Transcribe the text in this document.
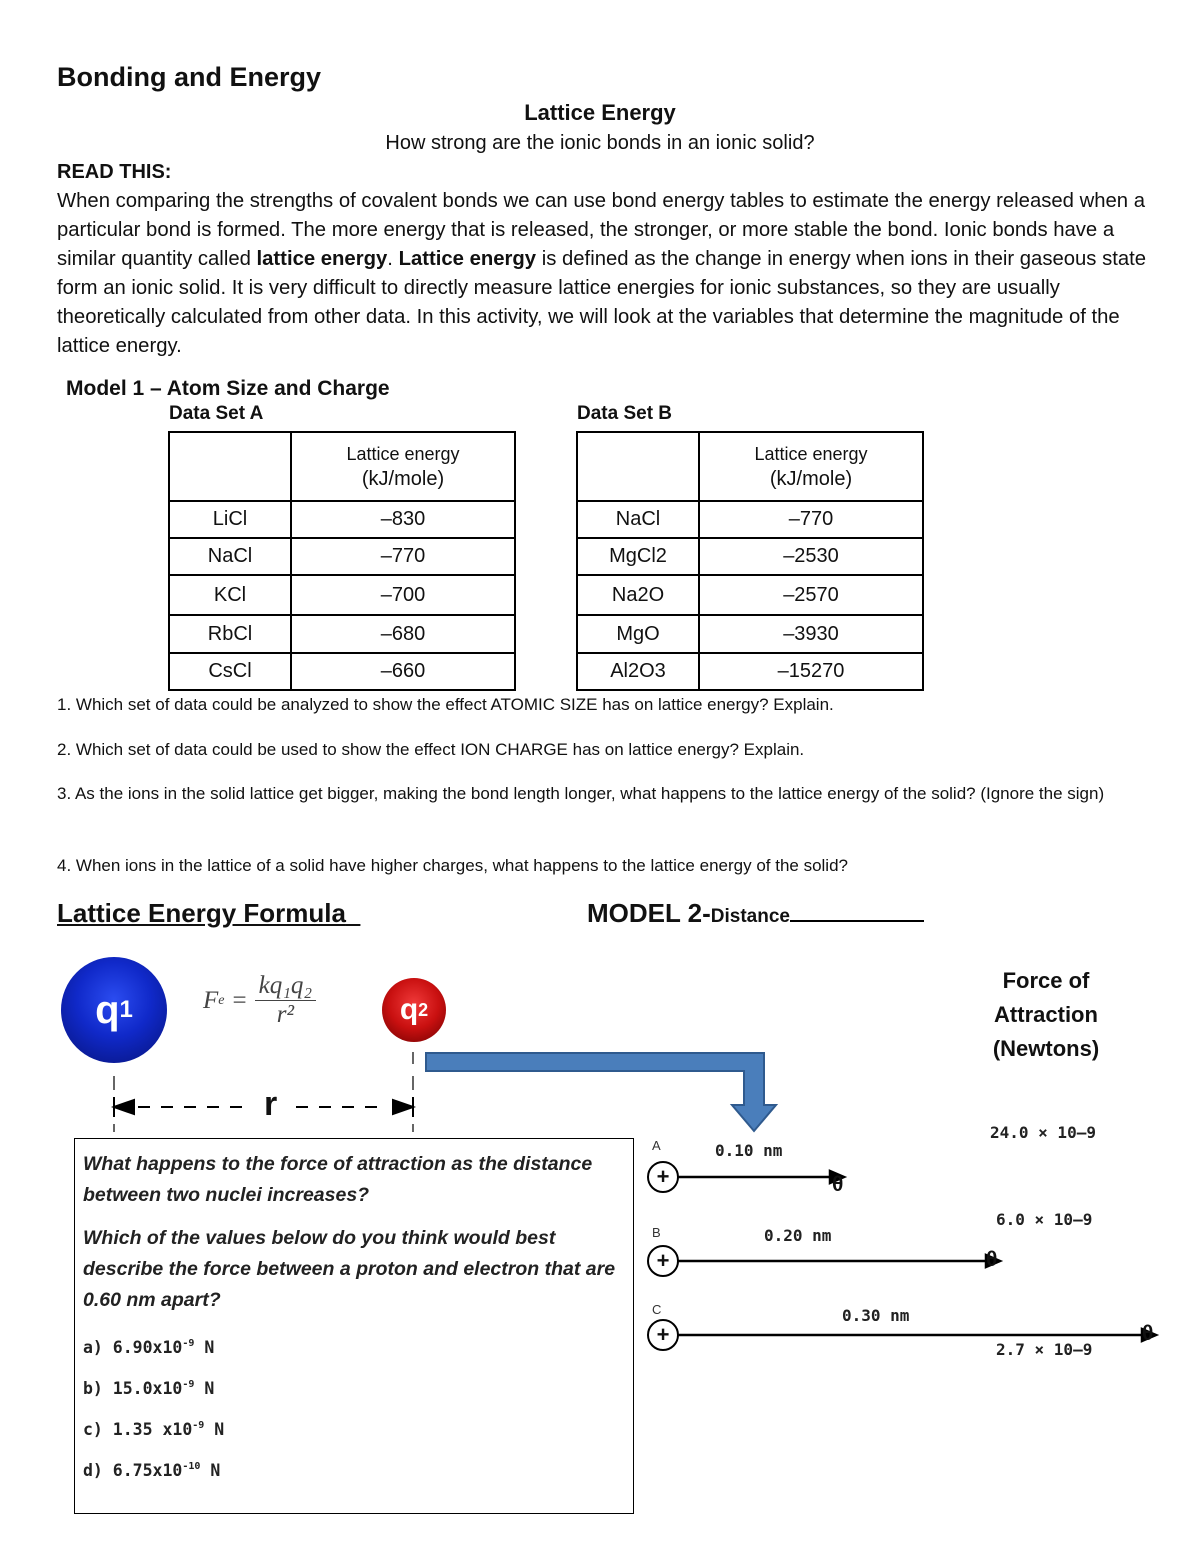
Bonding and Energy
Lattice Energy
How strong are the ionic bonds in an ionic solid?
READ THIS:
When comparing the strengths of covalent bonds we can use bond energy tables to estimate the energy released when a particular bond is formed. The more energy that is released, the stronger, or more stable the bond. Ionic bonds have a similar quantity called lattice energy. Lattice energy is defined as the change in energy when ions in their gaseous state form an ionic solid. It is very difficult to directly measure lattice energies for ionic substances, so they are usually theoretically calculated from other data. In this activity, we will look at the variables that determine the magnitude of the lattice energy.
Model 1 – Atom Size and Charge
Data Set A	Data Set B

	Lattice energy
(kJ/mole)

LiCl	–830
NaCl	–770
KCl	–700
RbCl	–680
CsCl	–660

	Lattice energy
(kJ/mole)

NaCl	–770
MgCl2	–2530
Na2O	–2570
MgO	–3930
Al2O3	–15270
1. Which set of data could be analyzed to show the effect ATOMIC SIZE has on lattice energy? Explain.
2. Which set of data could be used to show the effect ION CHARGE has on lattice energy? Explain.
3. As the ions in the solid lattice get bigger, making the bond length longer, what happens to the lattice energy of the solid? (Ignore the sign)
4. When ions in the lattice of a solid have higher charges, what happens to the lattice energy of the solid?
Lattice Energy Formula	MODEL 2-Distance
q 1	q 2
F $e = \frac{\text{kq₁q₂}}{\text{r²}}$
r
Force of
Attraction
(Newtons)
A
B
C
+
+
+
θ
θ
θ
0.10 nm
0.20 nm
0.30 nm
24.0 × 10–9
6.0 × 10–9
2.7 × 10–9
What happens to the force of attraction as the distance between two nuclei increases?
Which of the values below do you think would best describe the force between a proton and electron that are 0.60 nm apart?
a) $6.90x10^{-9}$ N
b) $15.0x10^{-9}$ N
c) 1.35 $x10^{-9}$ N
d) $6.75x10^{-10}$ N
